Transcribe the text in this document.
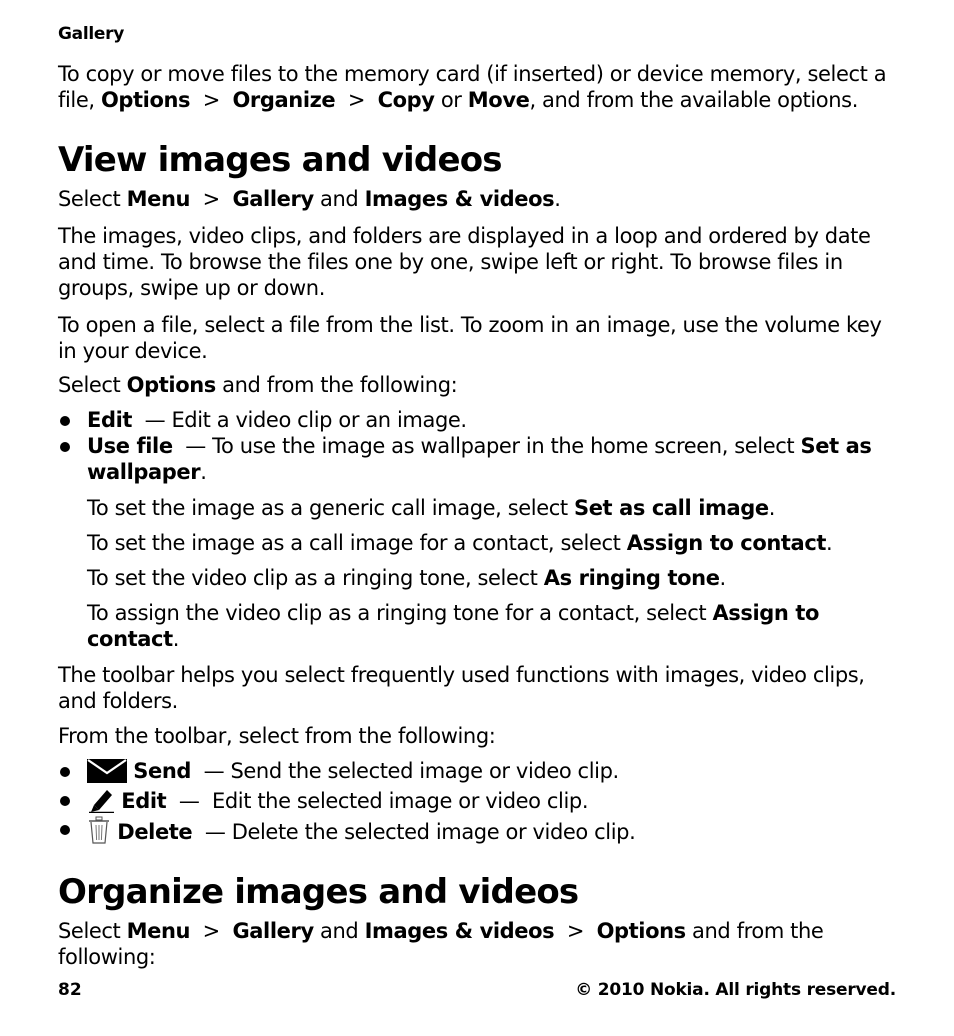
Gallery
To copy or move files to the memory card (if inserted) or device memory, select a file, Options  >  Organize  >  Copy or Move, and from the available options.
View images and videos
Select Menu  >  Gallery and Images & videos.
The images, video clips, and folders are displayed in a loop and ordered by date and time. To browse the files one by one, swipe left or right. To browse files in groups, swipe up or down.
To open a file, select a file from the list. To zoom in an image, use the volume key in your device.
Select Options and from the following:
Edit  — Edit a video clip or an image.
Use file  — To use the image as wallpaper in the home screen, select Set as wallpaper.
To set the image as a generic call image, select Set as call image.
To set the image as a call image for a contact, select Assign to contact.
To set the video clip as a ringing tone, select As ringing tone.
To assign the video clip as a ringing tone for a contact, select Assign to contact.
The toolbar helps you select frequently used functions with images, video clips, and folders.
From the toolbar, select from the following:
Send  — Send the selected image or video clip.
Edit  —  Edit the selected image or video clip.
Delete  — Delete the selected image or video clip.
Organize images and videos
Select Menu  >  Gallery and Images & videos  >  Options and from the following:
82	© 2010 Nokia. All rights reserved.
